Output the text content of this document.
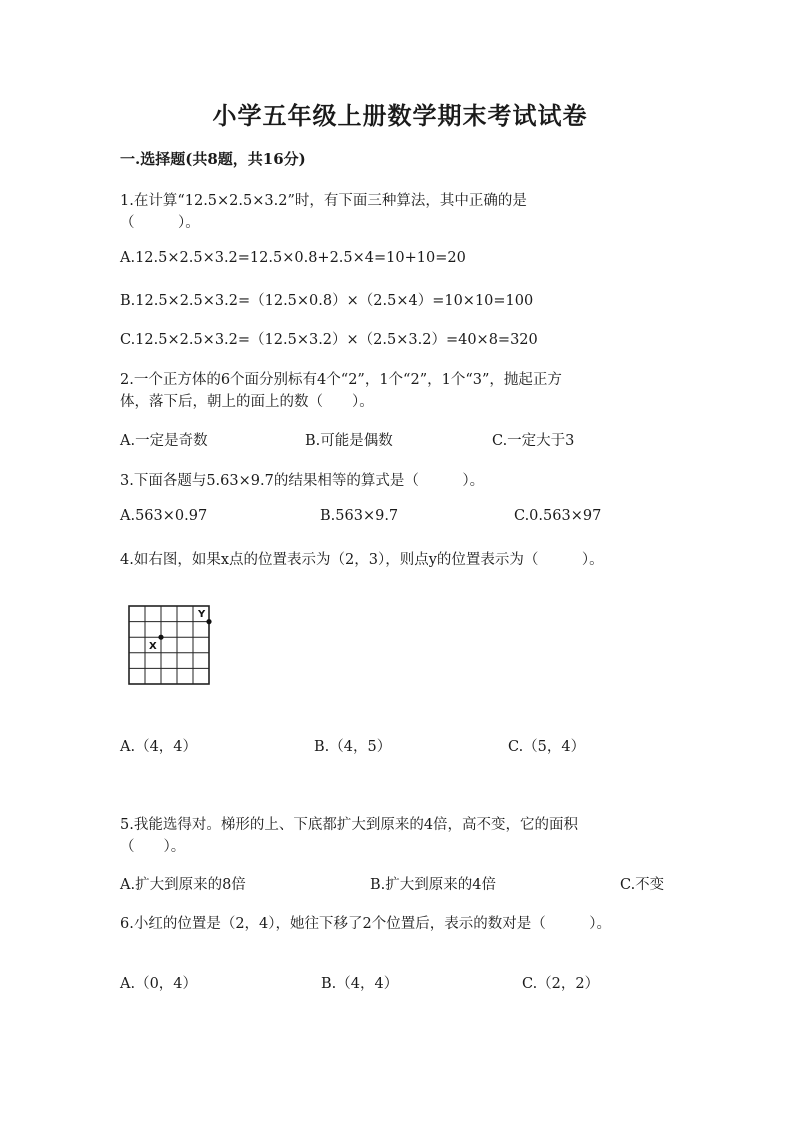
小学五年级上册数学期末考试试卷
一.选择题(共8题，共16分)
1.在计算“12.5×2.5×3.2”时，有下面三种算法，其中正确的是
（　　　）。
A.12.5×2.5×3.2=12.5×0.8+2.5×4=10+10=20
B.12.5×2.5×3.2=（12.5×0.8）×（2.5×4）=10×10=100
C.12.5×2.5×3.2=（12.5×3.2）×（2.5×3.2）=40×8=320
2.一个正方体的6个面分别标有4个“2”，1个“2”，1个“3”，抛起正方
体，落下后，朝上的面上的数（　　）。
A.一定是奇数	B.可能是偶数	C.一定大于3
3.下面各题与5.63×9.7的结果相等的算式是（　　　）。
A.563×0.97	B.563×9.7	C.0.563×97
4.如右图，如果x点的位置表示为（2，3），则点y的位置表示为（　　　）。
X
Y
A.（4，4）	B.（4，5）	C.（5，4）
5.我能选得对。梯形的上、下底都扩大到原来的4倍，高不变，它的面积
（　　）。
A.扩大到原来的8倍	B.扩大到原来的4倍	C.不变
6.小红的位置是（2，4），她往下移了2个位置后，表示的数对是（　　　）。
A.（0，4）	B.（4，4）	C.（2，2）
